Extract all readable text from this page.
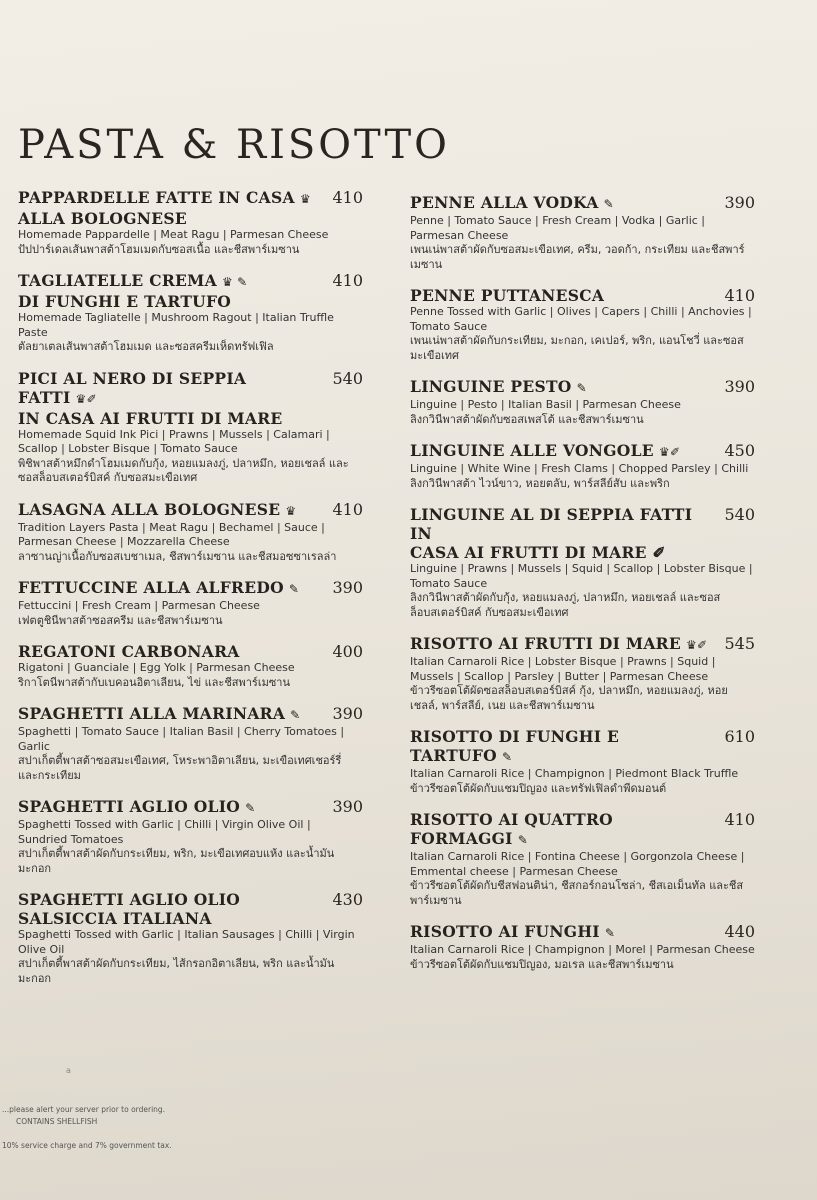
PASTA & RISOTTO
PAPPARDELLE FATTE IN CASA ♛
ALLA BOLOGNESE
410
Homemade Pappardelle | Meat Ragu | Parmesan Cheese
ปัปปาร์เดลเส้นพาสต้าโฮมเมดกับซอสเนื้อ และชีสพาร์เมซาน
TAGLIATELLE CREMA ♛ ✎
DI FUNGHI E TARTUFO
410
Homemade Tagliatelle | Mushroom Ragout | Italian Truffle Paste
ตัลยาเตลเส้นพาสต้าโฮมเมด และซอสครีมเห็ดทรัฟเฟิล
PICI AL NERO DI SEPPIA FATTI ♛✐
IN CASA AI FRUTTI DI MARE
540
Homemade Squid Ink Pici | Prawns | Mussels | Calamari | Scallop | Lobster Bisque | Tomato Sauce
พิชิพาสต้าหมึกดำโฮมเมดกับกุ้ง, หอยแมลงภู่, ปลาหมึก, หอยเชลล์ และซอสล็อบสเตอร์บิสค์ กับซอสมะเขือเทศ
LASAGNA ALLA BOLOGNESE ♛ 410
Tradition Layers Pasta | Meat Ragu | Bechamel | Sauce | Parmesan Cheese | Mozzarella Cheese
ลาซานญ่าเนื้อกับซอสเบชาเมล, ชีสพาร์เมซาน และชีสมอซซาเรลล่า
FETTUCCINE ALLA ALFREDO ✎ 390
Fettuccini | Fresh Cream | Parmesan Cheese
เฟตตูชินีพาสต้าซอสครีม และชีสพาร์เมซาน
REGATONI CARBONARA	400
Rigatoni | Guanciale | Egg Yolk | Parmesan Cheese
ริกาโตนีพาสต้ากับเบคอนอิตาเลียน, ไข่ และชีสพาร์เมซาน
SPAGHETTI ALLA MARINARA ✎ 390
Spaghetti | Tomato Sauce | Italian Basil | Cherry Tomatoes | Garlic
สปาเก็ตตี้พาสต้าซอสมะเขือเทศ, โหระพาอิตาเลียน, มะเขือเทศเชอร์รี่ และกระเทียม
SPAGHETTI AGLIO OLIO ✎	390
Spaghetti Tossed with Garlic | Chilli | Virgin Olive Oil | Sundried Tomatoes
สปาเก็ตตี้พาสต้าผัดกับกระเทียม, พริก, มะเขือเทศอบแห้ง และน้ำมันมะกอก
SPAGHETTI AGLIO OLIO
SALSICCIA ITALIANA
430
Spaghetti Tossed with Garlic | Italian Sausages | Chilli | Virgin Olive Oil
สปาเก็ตตี้พาสต้าผัดกับกระเทียม, ไส้กรอกอิตาเลียน, พริก และน้ำมันมะกอก
PENNE ALLA VODKA ✎	390
Penne | Tomato Sauce | Fresh Cream | Vodka | Garlic | Parmesan Cheese
เพนเน่พาสต้าผัดกับซอสมะเขือเทศ, ครีม, วอดก้า, กระเทียม และชีสพาร์เมซาน
PENNE PUTTANESCA	410
Penne Tossed with Garlic | Olives | Capers | Chilli | Anchovies | Tomato Sauce
เพนเน่พาสต้าผัดกับกระเทียม, มะกอก, เคเปอร์, พริก, แอนโชวี่ และซอสมะเขือเทศ
LINGUINE PESTO ✎	390
Linguine | Pesto | Italian Basil | Parmesan Cheese
ลิงกวินีพาสต้าผัดกับซอสเพสโต้ และชีสพาร์เมซาน
LINGUINE ALLE VONGOLE ♛✐	450
Linguine | White Wine | Fresh Clams | Chopped Parsley | Chilli
ลิงกวินีพาสต้า ไวน์ขาว, หอยตลับ, พาร์สลีย์สับ และพริก
LINGUINE AL DI SEPPIA FATTI IN
CASA AI FRUTTI DI MARE ✐
540
Linguine | Prawns | Mussels | Squid | Scallop | Lobster Bisque | Tomato Sauce
ลิงกวินีพาสต้าผัดกับกุ้ง, หอยแมลงภู่, ปลาหมึก, หอยเชลล์ และซอสล็อบสเตอร์บิสค์ กับซอสมะเขือเทศ
RISOTTO AI FRUTTI DI MARE ♛✐ 545
Italian Carnaroli Rice | Lobster Bisque | Prawns | Squid | Mussels | Scallop | Parsley | Butter | Parmesan Cheese
ข้าวรีซอตโต้ผัดซอสล็อบสเตอร์บิสค์ กุ้ง, ปลาหมึก, หอยแมลงภู่, หอยเชลล์, พาร์สลีย์, เนย และชีสพาร์เมซาน
RISOTTO DI FUNGHI E TARTUFO ✎
610
Italian Carnaroli Rice | Champignon | Piedmont Black Truffle
ข้าวรีซอตโต้ผัดกับแชมปิญอง และทรัฟเฟิลดำพีดมอนต์
RISOTTO AI QUATTRO FORMAGGI ✎
410
Italian Carnaroli Rice | Fontina Cheese | Gorgonzola Cheese | Emmental cheese | Parmesan Cheese
ข้าวรีซอตโต้ผัดกับชีสฟอนติน่า, ชีสกอร์กอนโซล่า, ชีสเอเม็นทัล และชีสพาร์เมซาน
RISOTTO AI FUNGHI ✎	440
Italian Carnaroli Rice | Champignon | Morel | Parmesan Cheese
ข้าวรีซอตโต้ผัดกับแชมปิญอง, มอเรล และชีสพาร์เมซาน
a
...please alert your server prior to ordering.
CONTAINS SHELLFISH
10% service charge and 7% government tax.
